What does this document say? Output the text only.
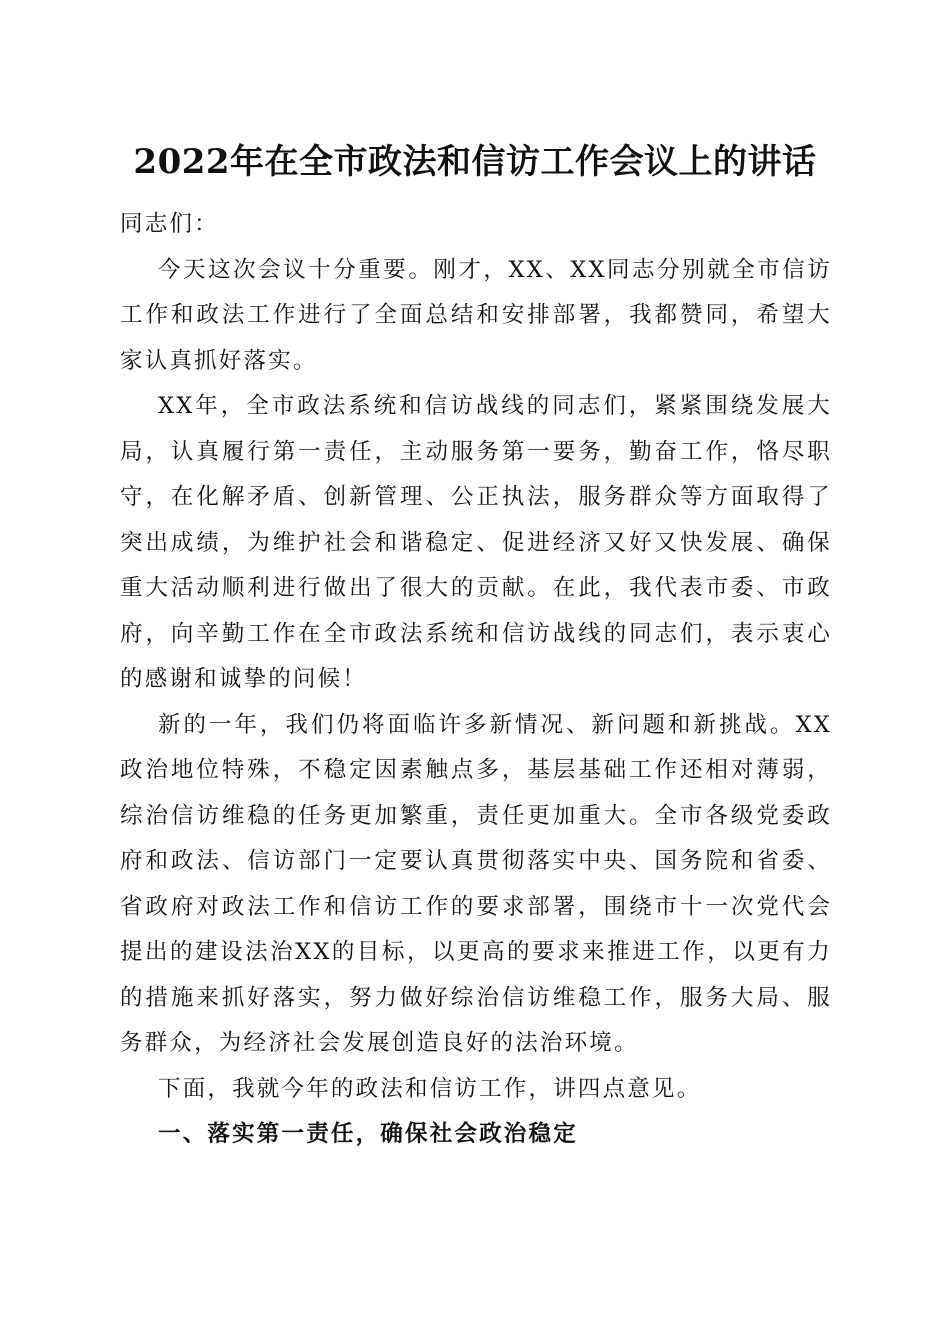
2022年在全市政法和信访工作会议上的讲话

同志们：

今天这次会议十分重要。刚才，XX、XX同志分别就全市信访工作和政法工作进行了全面总结和安排部署，我都赞同，希望大家认真抓好落实。

XX年，全市政法系统和信访战线的同志们，紧紧围绕发展大局，认真履行第一责任，主动服务第一要务，勤奋工作，恪尽职守，在化解矛盾、创新管理、公正执法，服务群众等方面取得了突出成绩，为维护社会和谐稳定、促进经济又好又快发展、确保重大活动顺利进行做出了很大的贡献。在此，我代表市委、市政府，向辛勤工作在全市政法系统和信访战线的同志们，表示衷心的感谢和诚挚的问候！

新的一年，我们仍将面临许多新情况、新问题和新挑战。XX政治地位特殊，不稳定因素触点多，基层基础工作还相对薄弱，综治信访维稳的任务更加繁重，责任更加重大。全市各级党委政府和政法、信访部门一定要认真贯彻落实中央、国务院和省委、省政府对政法工作和信访工作的要求部署，围绕市十一次党代会提出的建设法治XX的目标，以更高的要求来推进工作，以更有力的措施来抓好落实，努力做好综治信访维稳工作，服务大局、服务群众，为经济社会发展创造良好的法治环境。

下面，我就今年的政法和信访工作，讲四点意见。

一、落实第一责任，确保社会政治稳定
